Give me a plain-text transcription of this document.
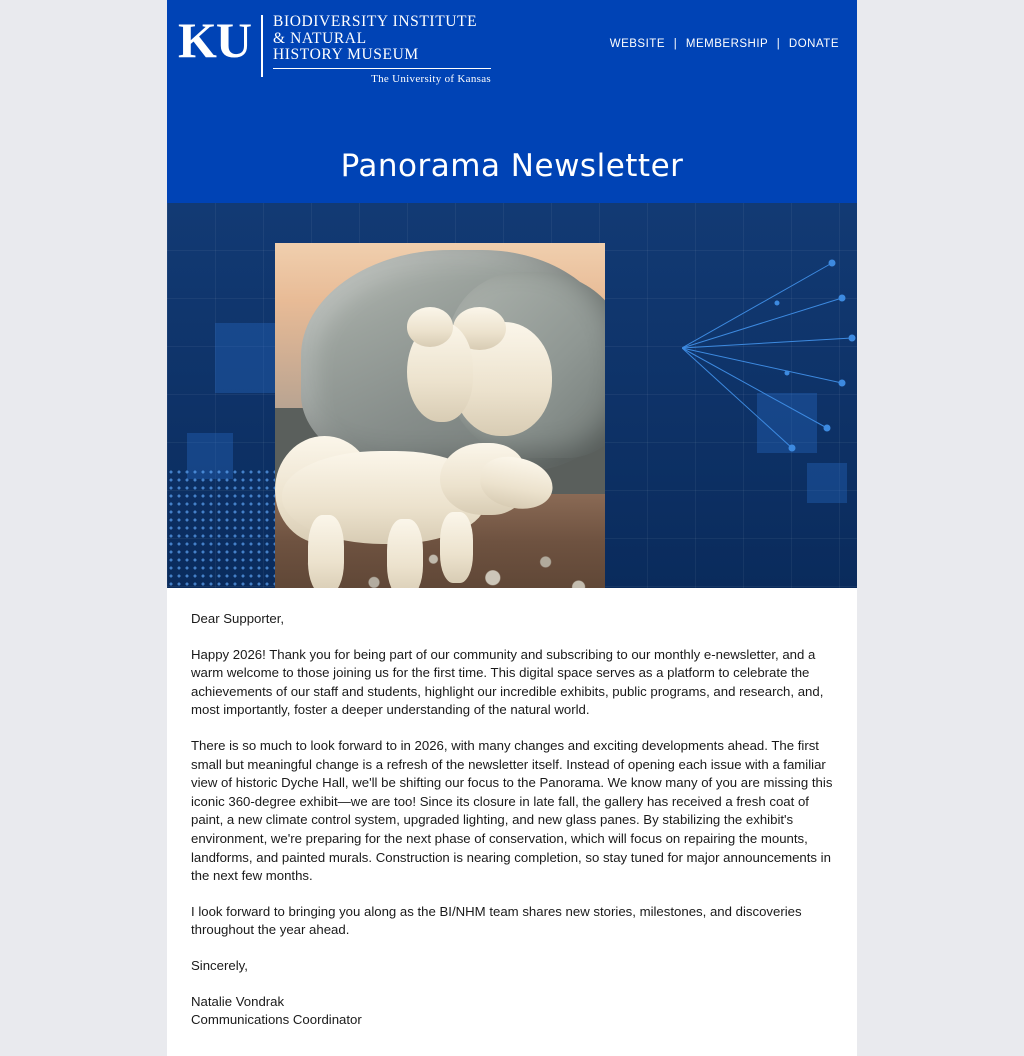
KU	BIODIVERSITY INSTITUTE
& NATURAL
HISTORY MUSEUM
The University of Kansas
WEBSITE | MEMBERSHIP | DONATE
Panorama Newsletter

Dear Supporter,

Happy 2026! Thank you for being part of our community and subscribing to our monthly e-newsletter, and a warm welcome to those joining us for the first time. This digital space serves as a platform to celebrate the achievements of our staff and students, highlight our incredible exhibits, public programs, and research, and, most importantly, foster a deeper understanding of the natural world.

There is so much to look forward to in 2026, with many changes and exciting developments ahead. The first small but meaningful change is a refresh of the newsletter itself. Instead of opening each issue with a familiar view of historic Dyche Hall, we'll be shifting our focus to the Panorama. We know many of you are missing this iconic 360-degree exhibit—we are too! Since its closure in late fall, the gallery has received a fresh coat of paint, a new climate control system, upgraded lighting, and new glass panes. By stabilizing the exhibit's environment, we're preparing for the next phase of conservation, which will focus on repairing the mounts, landforms, and painted murals. Construction is nearing completion, so stay tuned for major announcements in the next few months.

I look forward to bringing you along as the BI/NHM team shares new stories, milestones, and discoveries throughout the year ahead.

Sincerely,

Natalie Vondrak

Communications Coordinator
